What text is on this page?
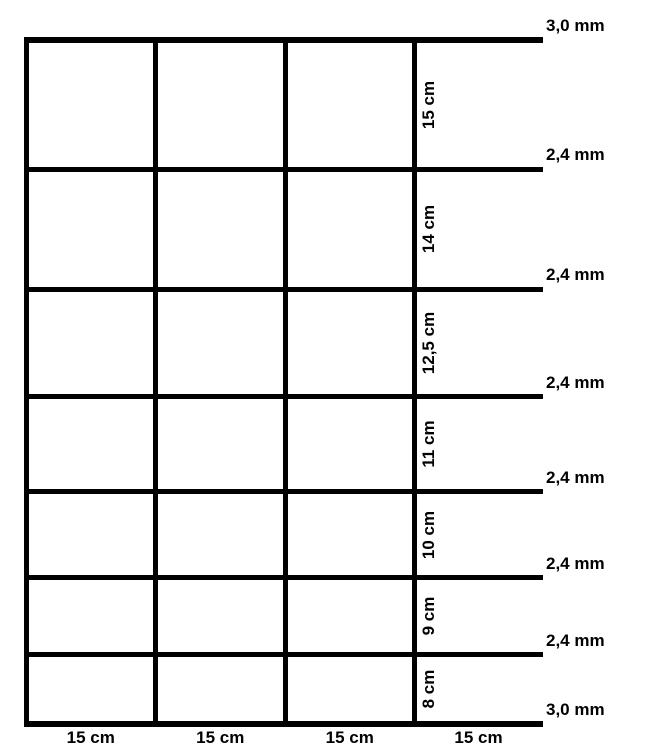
3,0 mm
2,4 mm
2,4 mm
2,4 mm
2,4 mm
2,4 mm
2,4 mm
3,0 mm
15 cm
14 cm
12,5 cm
11 cm
10 cm
9 cm
8 cm
15 cm	15 cm	15 cm	15 cm
